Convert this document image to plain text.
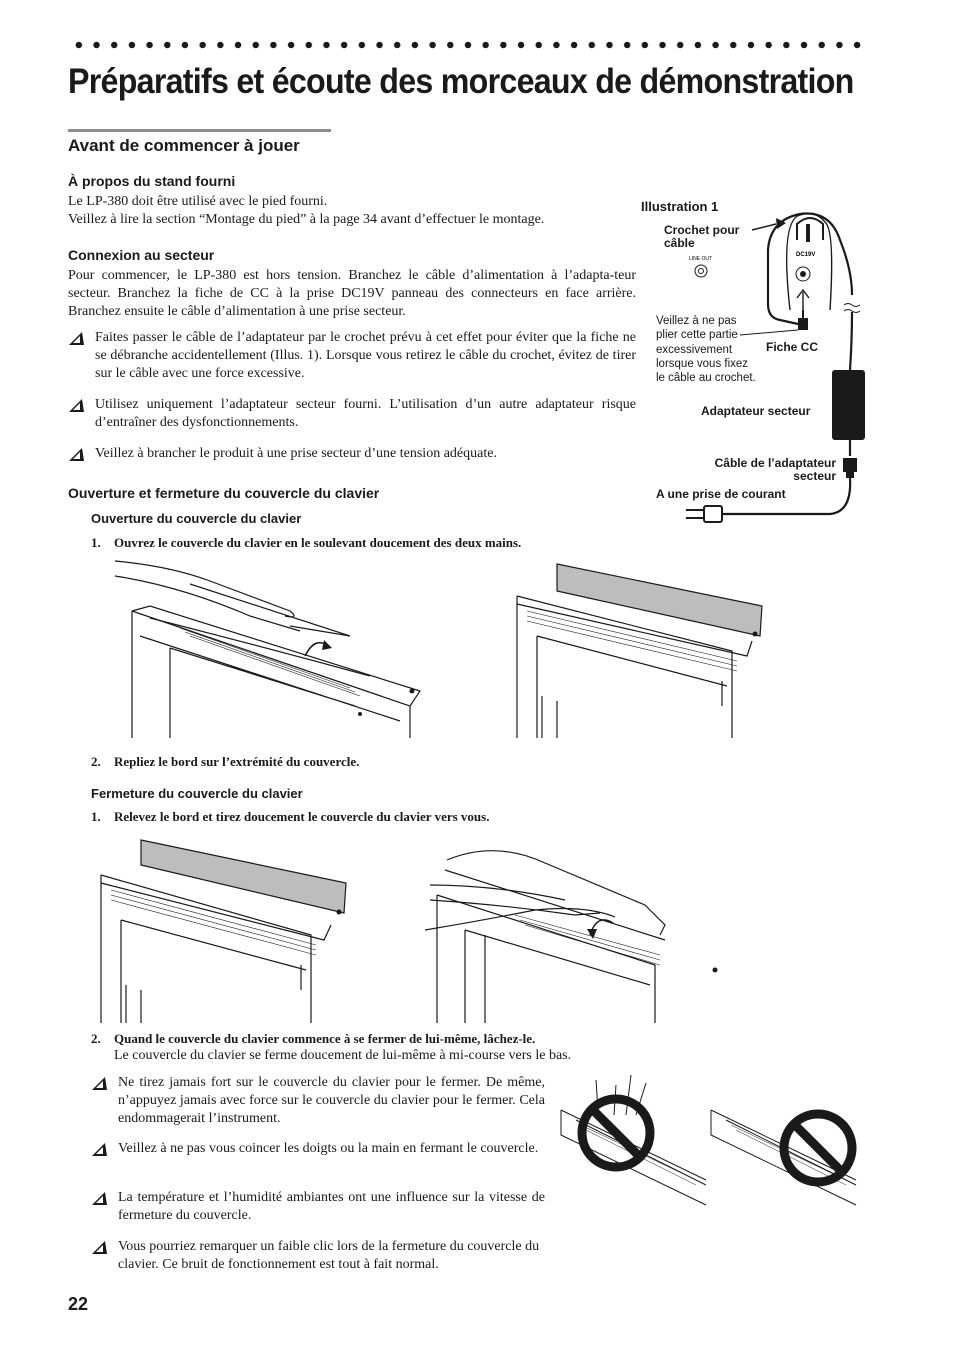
Préparatifs et écoute des morceaux de démonstration
Avant de commencer à jouer
À propos du stand fourni
Le LP-380 doit être utilisé avec le pied fourni.
Veillez à lire la section “Montage du pied” à la page 34 avant d’effectuer le montage.
Connexion au secteur
Pour commencer, le LP-380 est hors tension. Branchez le câble d’alimentation à l’adapta-teur secteur. Branchez la fiche de CC à la prise DC19V panneau des connecteurs en face arrière. Branchez ensuite le câble d’alimentation à une prise secteur.
Faites passer le câble de l’adaptateur par le crochet prévu à cet effet pour éviter que la fiche ne se débranche accidentellement (Illus. 1). Lorsque vous retirez le câble du crochet, évitez de tirer sur le câble avec une force excessive.
Utilisez uniquement l’adaptateur secteur fourni. L’utilisation d’un autre adaptateur risque d’entraîner des dysfonctionnements.
Veillez à brancher le produit à une prise secteur d’une tension adéquate.
Illustration 1
Crochet pour câble
Veillez à ne pas plier cette partie excessivement lorsque vous fixez le câble au crochet.
Fiche CC
Adaptateur secteur
Câble de l’adaptateur secteur
A une prise de courant
LINE OUT
DC19V
Ouverture et fermeture du couvercle du clavier
Ouverture du couvercle du clavier
1. Ouvrez le couvercle du clavier en le soulevant doucement des deux mains.
2. Repliez le bord sur l’extrémité du couvercle.
Fermeture du couvercle du clavier
1. Relevez le bord et tirez doucement le couvercle du clavier vers vous.
2. Quand le couvercle du clavier commence à se fermer de lui-même, lâchez-le.
Le couvercle du clavier se ferme doucement de lui-même à mi-course vers le bas.
Ne tirez jamais fort sur le couvercle du clavier pour le fermer. De même, n’appuyez jamais avec force sur le couvercle du clavier pour le fermer. Cela endommagerait l’instrument.
Veillez à ne pas vous coincer les doigts ou la main en fermant le couvercle.
La température et l’humidité ambiantes ont une influence sur la vitesse de fermeture du couvercle.
Vous pourriez remarquer un faible clic lors de la fermeture du couvercle du clavier. Ce bruit de fonctionnement est tout à fait normal.
22
